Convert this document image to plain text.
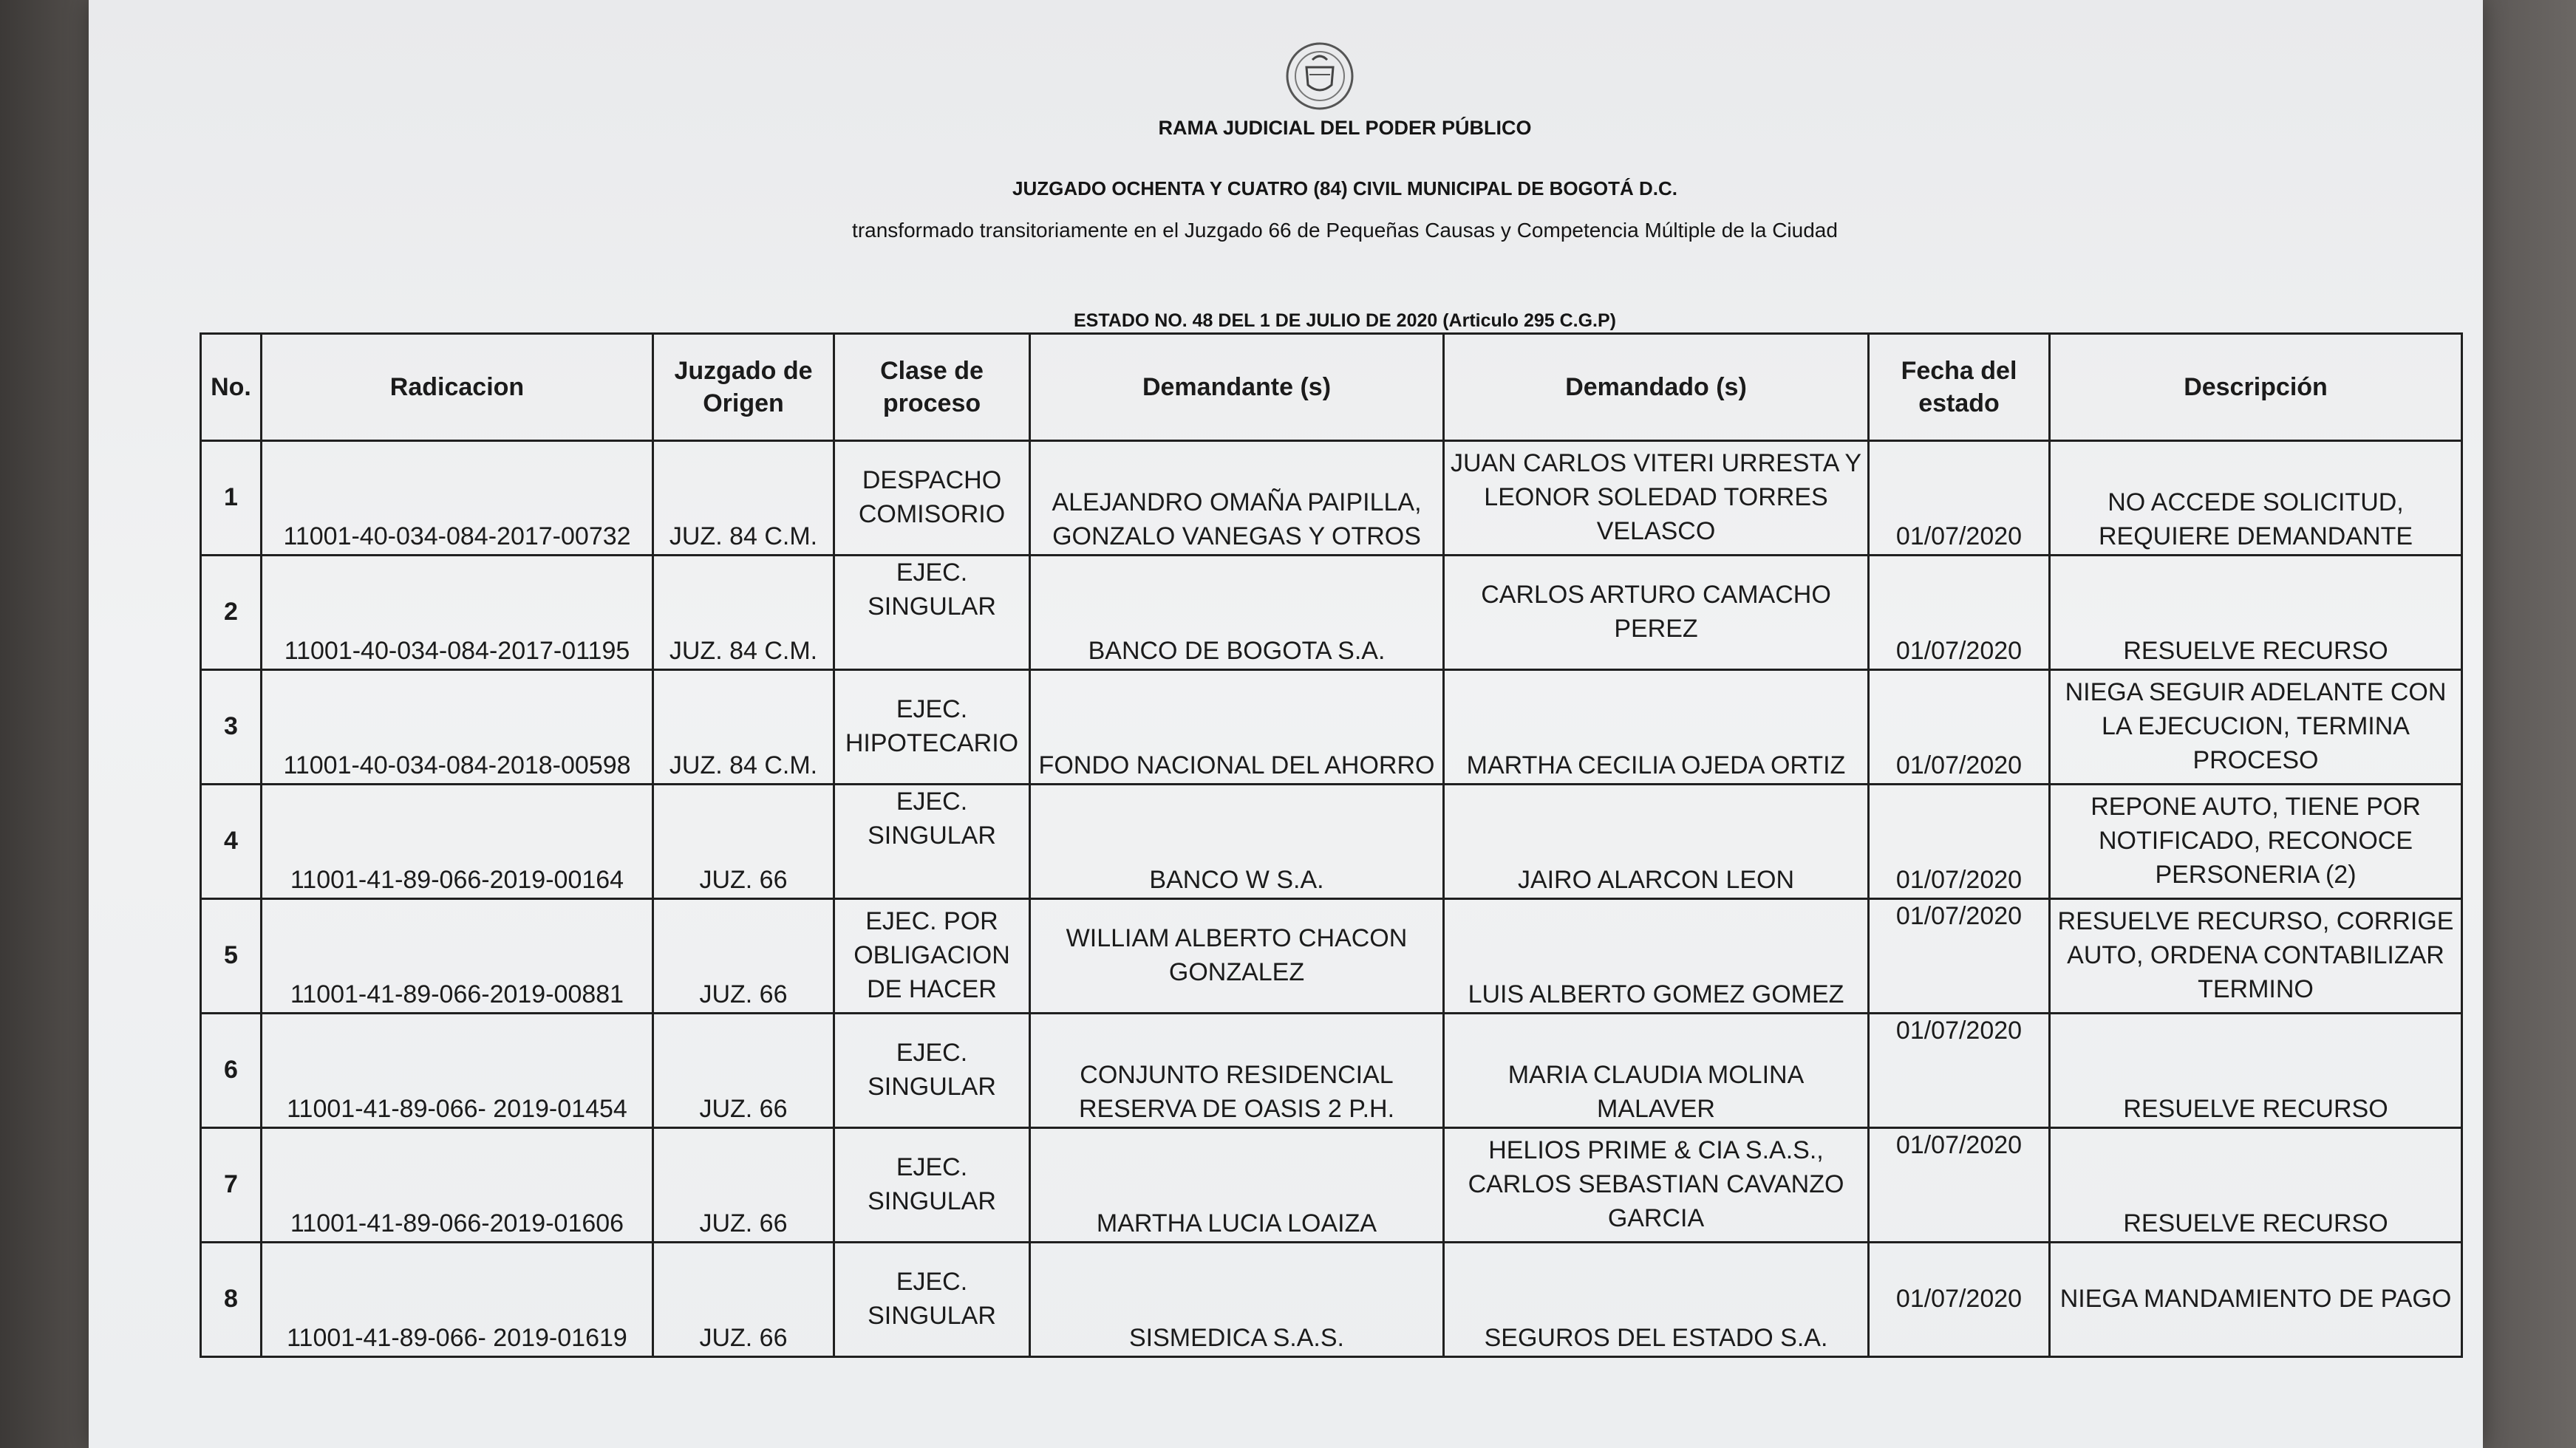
RAMA JUDICIAL DEL PODER PÚBLICO
JUZGADO OCHENTA Y CUATRO (84) CIVIL MUNICIPAL DE BOGOTÁ D.C.
transformado transitoriamente en el Juzgado 66 de Pequeñas Causas y Competencia Múltiple de la Ciudad
ESTADO NO. 48 DEL 1 DE JULIO DE 2020 (Articulo 295 C.G.P)
No.	Radicacion	Juzgado de Origen	Clase de proceso	Demandante (s)	Demandado (s)	Fecha del estado	Descripción
1	11001-40-034-084-2017-00732	JUZ. 84 C.M.	DESPACHO COMISORIO	ALEJANDRO OMAÑA PAIPILLA, GONZALO VANEGAS Y OTROS	JUAN CARLOS VITERI URRESTA Y LEONOR SOLEDAD TORRES VELASCO	01/07/2020	NO ACCEDE SOLICITUD, REQUIERE DEMANDANTE
2	11001-40-034-084-2017-01195	JUZ. 84 C.M.	EJEC. SINGULAR	BANCO DE BOGOTA S.A.	CARLOS ARTURO CAMACHO PEREZ	01/07/2020	RESUELVE RECURSO
3	11001-40-034-084-2018-00598	JUZ. 84 C.M.	EJEC. HIPOTECARIO	FONDO NACIONAL DEL AHORRO	MARTHA CECILIA OJEDA ORTIZ	01/07/2020	NIEGA SEGUIR ADELANTE CON LA EJECUCION, TERMINA PROCESO
4	11001-41-89-066-2019-00164	JUZ. 66	EJEC. SINGULAR	BANCO W S.A.	JAIRO ALARCON LEON	01/07/2020	REPONE AUTO, TIENE POR NOTIFICADO, RECONOCE PERSONERIA (2)
5	11001-41-89-066-2019-00881	JUZ. 66	EJEC. POR OBLIGACION DE HACER	WILLIAM ALBERTO CHACON GONZALEZ	LUIS ALBERTO GOMEZ GOMEZ	01/07/2020	RESUELVE RECURSO, CORRIGE AUTO, ORDENA CONTABILIZAR TERMINO
6	11001-41-89-066- 2019-01454	JUZ. 66	EJEC. SINGULAR	CONJUNTO RESIDENCIAL RESERVA DE OASIS 2 P.H.	MARIA CLAUDIA MOLINA MALAVER	01/07/2020	RESUELVE RECURSO
7	11001-41-89-066-2019-01606	JUZ. 66	EJEC. SINGULAR	MARTHA LUCIA LOAIZA	HELIOS PRIME & CIA S.A.S., CARLOS SEBASTIAN CAVANZO GARCIA	01/07/2020	RESUELVE RECURSO
8	11001-41-89-066- 2019-01619	JUZ. 66	EJEC. SINGULAR	SISMEDICA S.A.S.	SEGUROS DEL ESTADO S.A.	01/07/2020	NIEGA MANDAMIENTO DE PAGO
